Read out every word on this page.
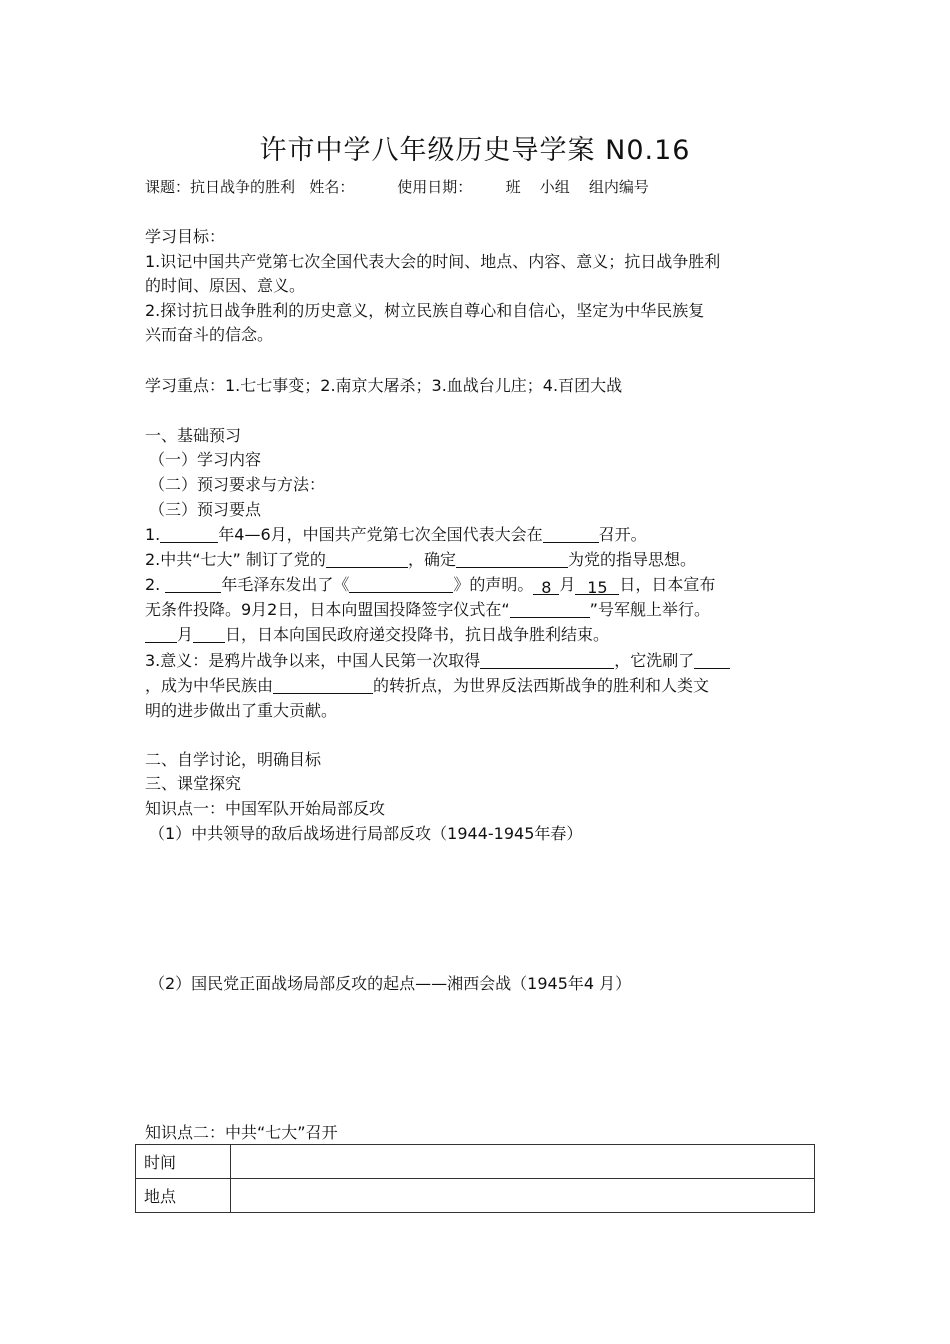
许市中学八年级历史导学案 N0.16
课题：抗日战争的胜利 姓名：	使用日期： 班 小组 组内编号
学习目标：
1.识记中国共产党第七次全国代表大会的时间、地点、内容、意义；抗日战争胜利
的时间、原因、意义。
2.探讨抗日战争胜利的历史意义，树立民族自尊心和自信心，坚定为中华民族复
兴而奋斗的信念。
学习重点：1.七七事变；2.南京大屠杀；3.血战台儿庄；4.百团大战
一、基础预习
（一）学习内容
（二）预习要求与方法：
（三）预习要点
1.	年4—6月，中国共产党第七次全国代表大会在	召开。
2.中共“七大” 制订了党的	，确定	为党的指导思想。
2.	年毛泽东发出了《	》的声明。 8 月 15 日，日本宣布
无条件投降。9月2日，日本向盟国投降签字仪式在“	”号军舰上举行。
月 日，日本向国民政府递交投降书，抗日战争胜利结束。
3.意义：是鸦片战争以来，中国人民第一次取得	，它洗刷了
，成为中华民族由	的转折点，为世界反法西斯战争的胜利和人类文
明的进步做出了重大贡献。
二、自学讨论，明确目标
三、课堂探究
知识点一：中国军队开始局部反攻
（1）中共领导的敌后战场进行局部反攻（1944-1945年春）
（2）国民党正面战场局部反攻的起点——湘西会战（1945年4 月）
知识点二：中共“七大”召开
时间	
地点	
